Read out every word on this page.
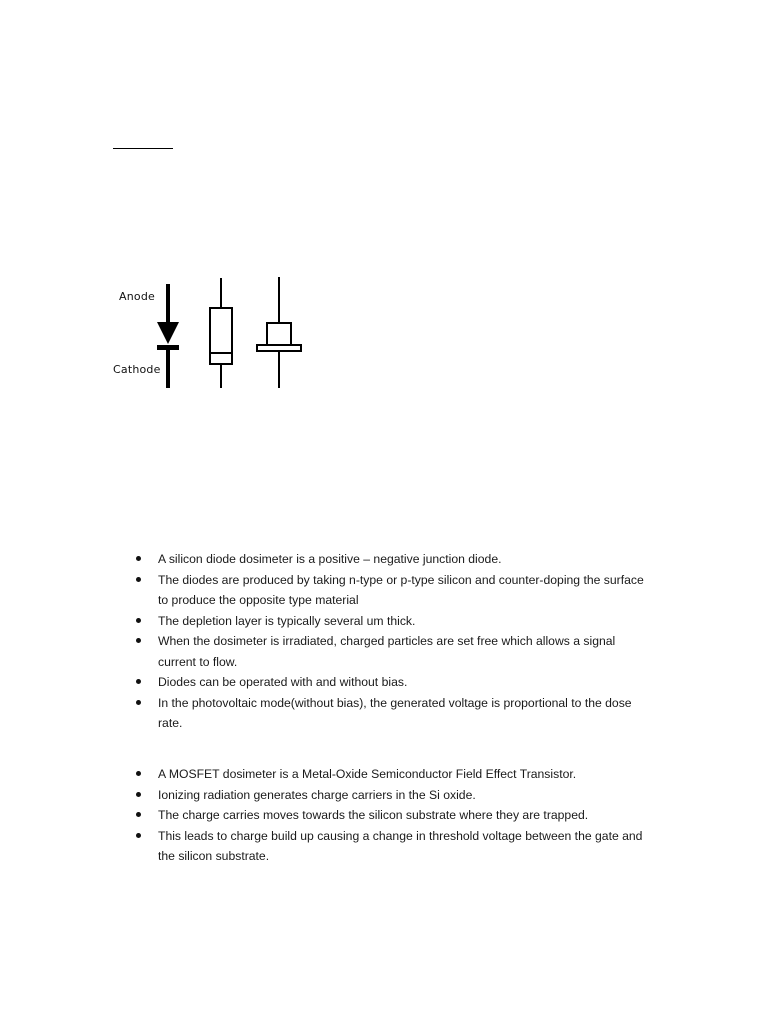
Anode
Cathode
A silicon diode dosimeter is a positive – negative junction diode.
The diodes are produced by taking n-type or p-type silicon and counter-doping the surface to produce the opposite type material
The depletion layer is typically several um thick.
When the dosimeter is irradiated, charged particles are set free which allows a signal current to flow.
Diodes can be operated with and without bias.
In the photovoltaic mode(without bias), the generated voltage is proportional to the dose rate.
A MOSFET dosimeter is a Metal-Oxide Semiconductor Field Effect Transistor.
Ionizing radiation generates charge carriers in the Si oxide.
The charge carries moves towards the silicon substrate where they are trapped.
This leads to charge build up causing a change in threshold voltage between the gate and the silicon substrate.
